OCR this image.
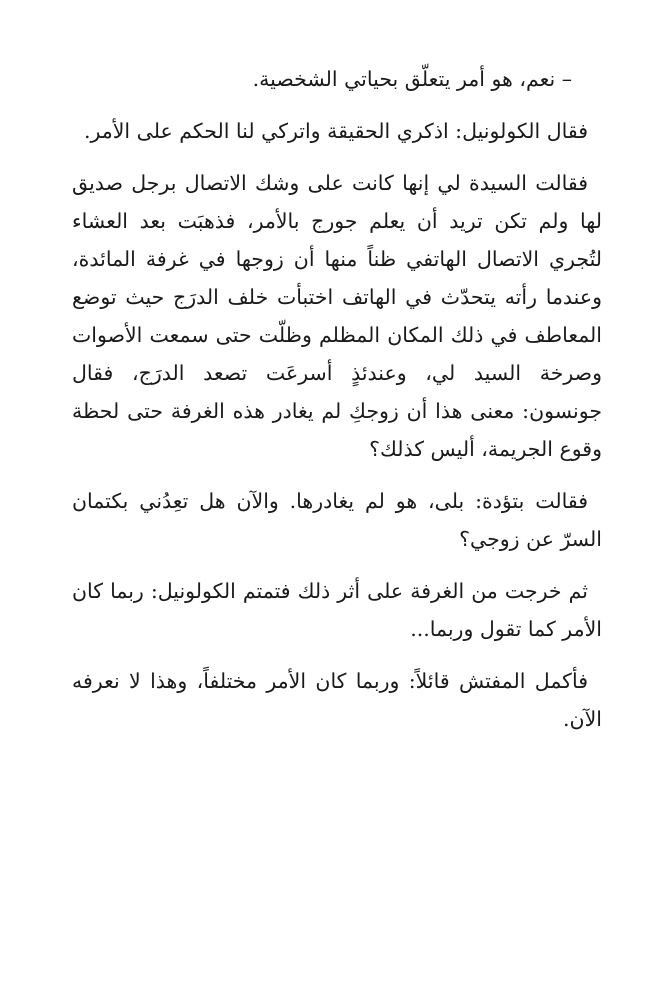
– نعم، هو أمر يتعلّق بحياتي الشخصية.

فقال الكولونيل: اذكري الحقيقة واتركي لنا الحكم على الأمر.

فقالت السيدة لي إنها كانت على وشك الاتصال برجل صديق لها ولم تكن تريد أن يعلم جورج بالأمر، فذهبَت بعد العشاء لتُجري الاتصال الهاتفي ظناً منها أن زوجها في غرفة المائدة، وعندما رأته يتحدّث في الهاتف اختبأت خلف الدرَج حيث توضع المعاطف في ذلك المكان المظلم وظلّت حتى سمعت الأصوات وصرخة السيد لي، وعندئذٍ أسرعَت تصعد الدرَج، فقال جونسون: معنى هذا أن زوجكِ لم يغادر هذه الغرفة حتى لحظة وقوع الجريمة، أليس كذلك؟

فقالت بتؤدة: بلى، هو لم يغادرها. والآن هل تعِدُني بكتمان السرّ عن زوجي؟

ثم خرجت من الغرفة على أثر ذلك فتمتم الكولونيل: ربما كان الأمر كما تقول وربما...

فأكمل المفتش قائلاً: وربما كان الأمر مختلفاً، وهذا لا نعرفه الآن.
